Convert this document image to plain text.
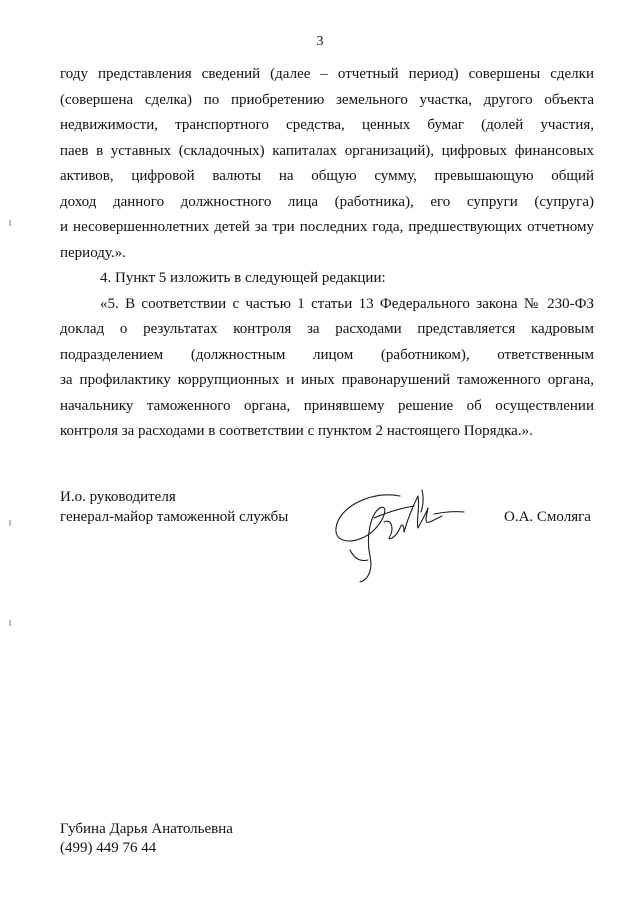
3
году представления сведений (далее – отчетный период) совершены сделки
(совершена сделка) по приобретению земельного участка, другого объекта
недвижимости, транспортного средства, ценных бумаг (долей участия,
паев в уставных (складочных) капиталах организаций), цифровых финансовых
активов, цифровой валюты на общую сумму, превышающую общий
доход данного должностного лица (работника), его супруги (супруга)
и несовершеннолетних детей за три последних года, предшествующих отчетному
периоду.».
4. Пункт 5 изложить в следующей редакции:
«5. В соответствии с частью 1 статьи 13 Федерального закона № 230-ФЗ
доклад о результатах контроля за расходами представляется кадровым
подразделением (должностным лицом (работником), ответственным
за профилактику коррупционных и иных правонарушений таможенного органа,
начальнику таможенного органа, принявшему решение об осуществлении
контроля за расходами в соответствии с пунктом 2 настоящего Порядка.».
И.о. руководителя
генерал-майор таможенной службы	О.А. Смоляга
Губина Дарья Анатольевна
(499) 449 76 44
